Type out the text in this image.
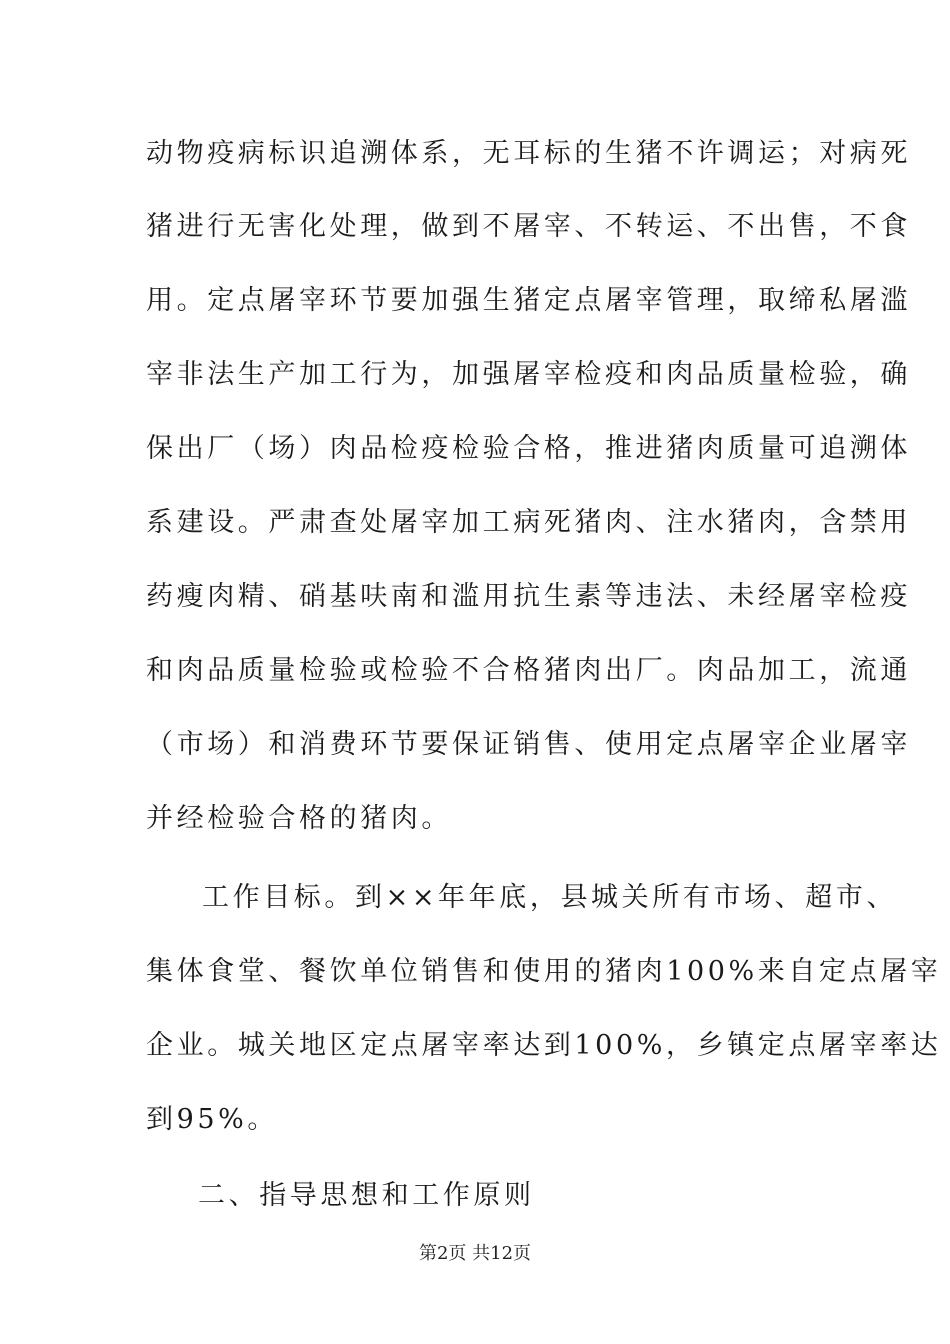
动物疫病标识追溯体系，无耳标的生猪不许调运；对病死
猪进行无害化处理，做到不屠宰、不转运、不出售，不食
用。定点屠宰环节要加强生猪定点屠宰管理，取缔私屠滥
宰非法生产加工行为，加强屠宰检疫和肉品质量检验，确
保出厂（场）肉品检疫检验合格，推进猪肉质量可追溯体
系建设。严肃查处屠宰加工病死猪肉、注水猪肉，含禁用
药瘦肉精、硝基呋南和滥用抗生素等违法、未经屠宰检疫
和肉品质量检验或检验不合格猪肉出厂。肉品加工，流通
（市场）和消费环节要保证销售、使用定点屠宰企业屠宰
并经检验合格的猪肉。
工作目标。到××年年底，县城关所有市场、超市、
集体食堂、餐饮单位销售和使用的猪肉100%来自定点屠宰
企业。城关地区定点屠宰率达到100%，乡镇定点屠宰率达
到95%。
二、指导思想和工作原则
第2页 共12页
